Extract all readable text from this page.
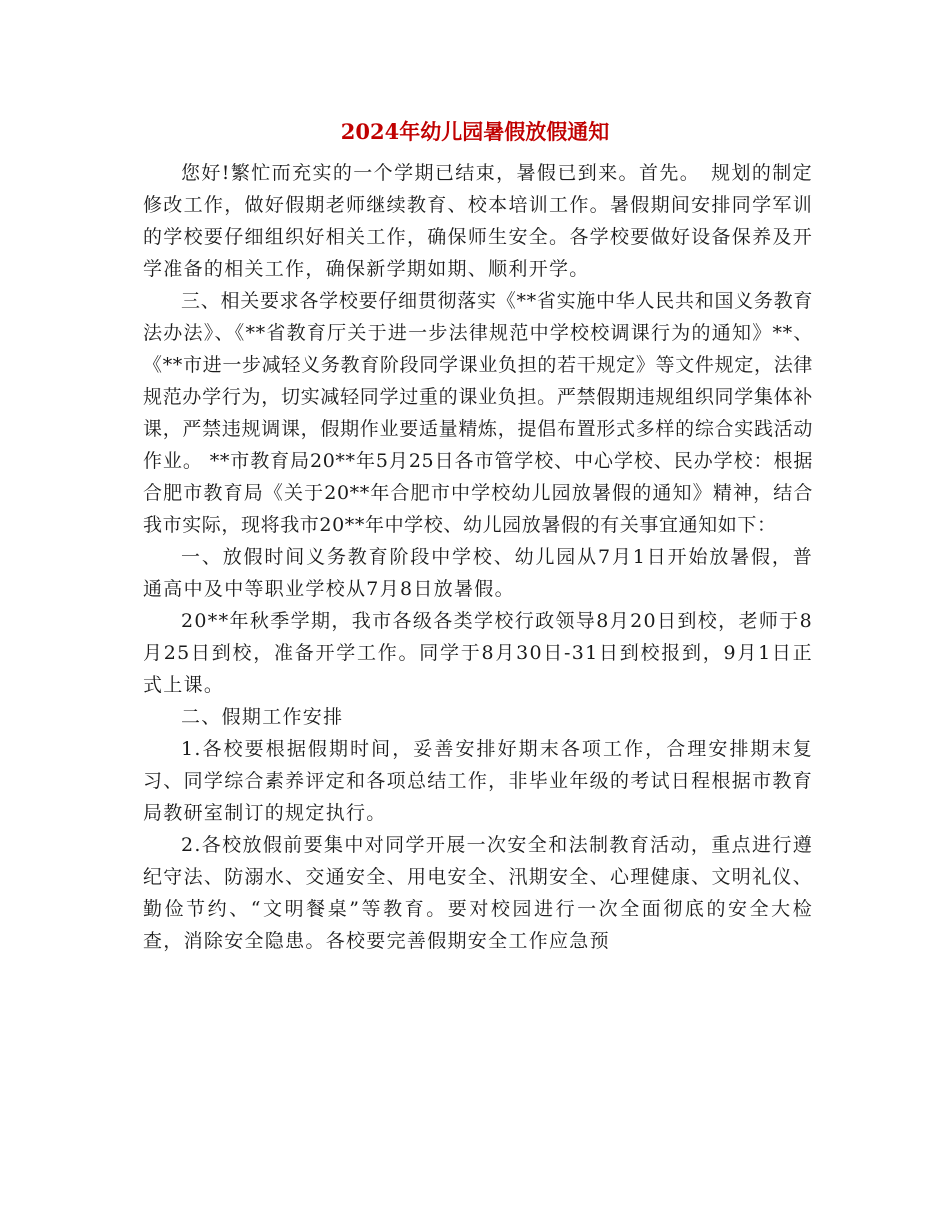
2024年幼儿园暑假放假通知

您好!繁忙而充实的一个学期已结束，暑假已到来。首先。　规划的制定修改工作，做好假期老师继续教育、校本培训工作。暑假期间安排同学军训的学校要仔细组织好相关工作，确保师生安全。各学校要做好设备保养及开学准备的相关工作，确保新学期如期、顺利开学。

三、相关要求各学校要仔细贯彻落实《**省实施中华人民共和国义务教育法办法》、《**省教育厅关于进一步法律规范中学校校调课行为的通知》**、《**市进一步减轻义务教育阶段同学课业负担的若干规定》等文件规定，法律规范办学行为，切实减轻同学过重的课业负担。严禁假期违规组织同学集体补课，严禁违规调课，假期作业要适量精炼，提倡布置形式多样的综合实践活动作业。 **市教育局20**年5月25日各市管学校、中心学校、民办学校：根据合肥市教育局《关于20**年合肥市中学校幼儿园放暑假的通知》精神，结合我市实际，现将我市20**年中学校、幼儿园放暑假的有关事宜通知如下：

一、放假时间义务教育阶段中学校、幼儿园从7月1日开始放暑假，普通高中及中等职业学校从7月8日放暑假。

20**年秋季学期，我市各级各类学校行政领导8月20日到校，老师于8月25日到校，准备开学工作。同学于8月30日-31日到校报到，9月1日正式上课。

二、假期工作安排

1.各校要根据假期时间，妥善安排好期末各项工作，合理安排期末复习、同学综合素养评定和各项总结工作，非毕业年级的考试日程根据市教育局教研室制订的规定执行。

2.各校放假前要集中对同学开展一次安全和法制教育活动，重点进行遵纪守法、防溺水、交通安全、用电安全、汛期安全、心理健康、文明礼仪、勤俭节约、“文明餐桌”等教育。要对校园进行一次全面彻底的安全大检查，消除安全隐患。各校要完善假期安全工作应急预
